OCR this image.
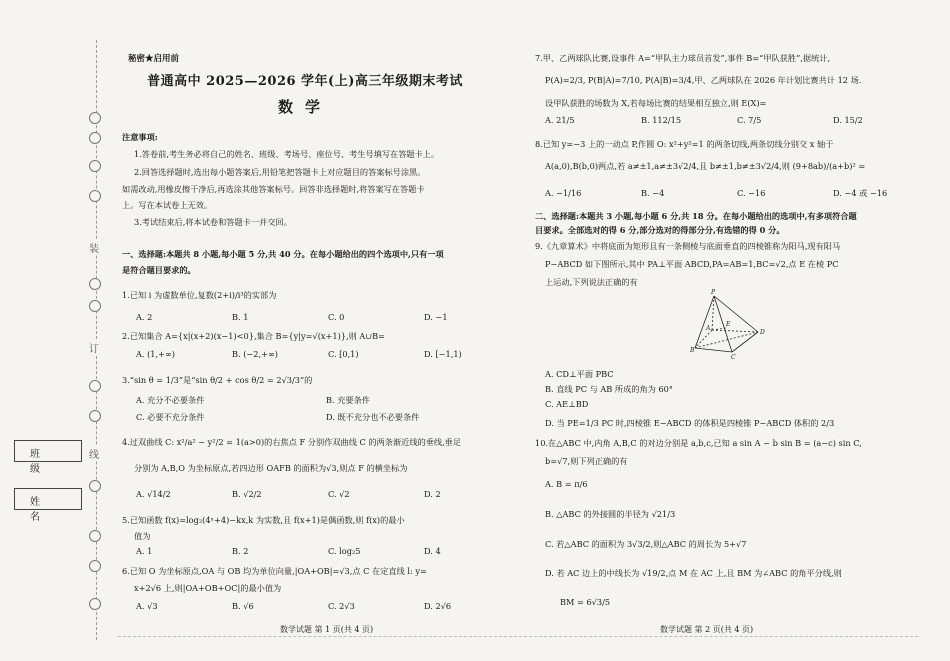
装
订
线
班 级
姓 名
秘密★启用前
普通高中 2025—2026 学年(上)高三年级期末考试
数学
注意事项:
1.答卷前,考生务必将自己的姓名、班级、考场号、座位号、考生号填写在答题卡上。
2.回答选择题时,选出每小题答案后,用铅笔把答题卡上对应题目的答案标号涂黑。
如需改动,用橡皮擦干净后,再选涂其他答案标号。回答非选择题时,将答案写在答题卡
上。写在本试卷上无效。
3.考试结束后,将本试卷和答题卡一并交回。
一、选择题:本题共 8 小题,每小题 5 分,共 40 分。在每小题给出的四个选项中,只有一项
是符合题目要求的。
1.已知 i 为虚数单位,复数(2+i)/i³的实部为
A. 2	B. 1	C. 0	D. −1
2.已知集合 A={x|(x+2)(x−1)<0},集合 B={y|y=√(x+1)},则 A∪B=
A. (1,+∞)	B. (−2,+∞)	C. [0,1)	D. [−1,1)
3.“sin θ = 1/3”是“sin θ/2 + cos θ/2 = 2√3/3”的
A. 充分不必要条件	B. 充要条件
C. 必要不充分条件	D. 既不充分也不必要条件
4.过双曲线 C: x²/a² − y²/2 = 1(a>0)的右焦点 F 分别作双曲线 C 的两条渐近线的垂线,垂足
分别为 A,B,O 为坐标原点,若四边形 OAFB 的面积为√3,则点 F 的横坐标为
A. √14/2	B. √2/2	C. √2	D. 2
5.已知函数 f(x)=log₂(4ˣ+4)−kx,k 为实数,且 f(x+1)是偶函数,则 f(x)的最小
值为
A. 1	B. 2	C. log₂5	D. 4
6.已知 O 为坐标原点,OA 与 OB 均为单位向量,|OA+OB|=√3,点 C 在定直线 l: y=
x+2√6 上,则|OA+OB+OC|的最小值为
A. √3	B. √6	C. 2√3	D. 2√6
7.甲、乙两球队比赛,设事件 A=“甲队主力球员首发”,事件 B=“甲队获胜”,据统计,
P(A)=2/3, P(B|A)=7/10, P(A|B)=3/4,甲、乙两球队在 2026 年计划比赛共计 12 场.
设甲队获胜的场数为 X,若每场比赛的结果相互独立,则 E(X)=
A. 21/5	B. 112/15	C. 7/5	D. 15/2
8.已知 y=−3 上的一动点 P,作圆 O: x²+y²=1 的两条切线,两条切线分别交 x 轴于
A(a,0),B(b,0)两点,若 a≠±1,a≠±3√2/4,且 b≠±1,b≠±3√2/4,则 (9+8ab)/(a+b)² =
A. −1/16	B. −4	C. −16	D. −4 或 −16
二、选择题:本题共 3 小题,每小题 6 分,共 18 分。在每小题给出的选项中,有多项符合题
目要求。全部选对的得 6 分,部分选对的得部分分,有选错的得 0 分。
9.《九章算术》中将底面为矩形且有一条侧棱与底面垂直的四棱锥称为阳马,现有阳马
P−ABCD 如下图所示,其中 PA⊥平面 ABCD,PA=AB=1,BC=√2,点 E 在棱 PC
上运动,下列说法正确的有
A. CD⊥平面 PBC
B. 直线 PC 与 AB 所成的角为 60°
C. AE⊥BD
D. 当 PE=1/3 PC 时,四棱锥 E−ABCD 的体积是四棱锥 P−ABCD 体积的 2/3
10.在△ABC 中,内角 A,B,C 的对边分别是 a,b,c,已知 a sin A − b sin B = (a−c) sin C,
b=√7,则下列正确的有
A. B = π/6
B. △ABC 的外接圆的半径为 √21/3
C. 若△ABC 的面积为 3√3/2,则△ABC 的周长为 5+√7
D. 若 AC 边上的中线长为 √19/2,点 M 在 AC 上,且 BM 为∠ABC 的角平分线,则
BM = 6√3/5
P
A
B
C
D
E
数学试题 第 1 页(共 4 页)	数学试题 第 2 页(共 4 页)
